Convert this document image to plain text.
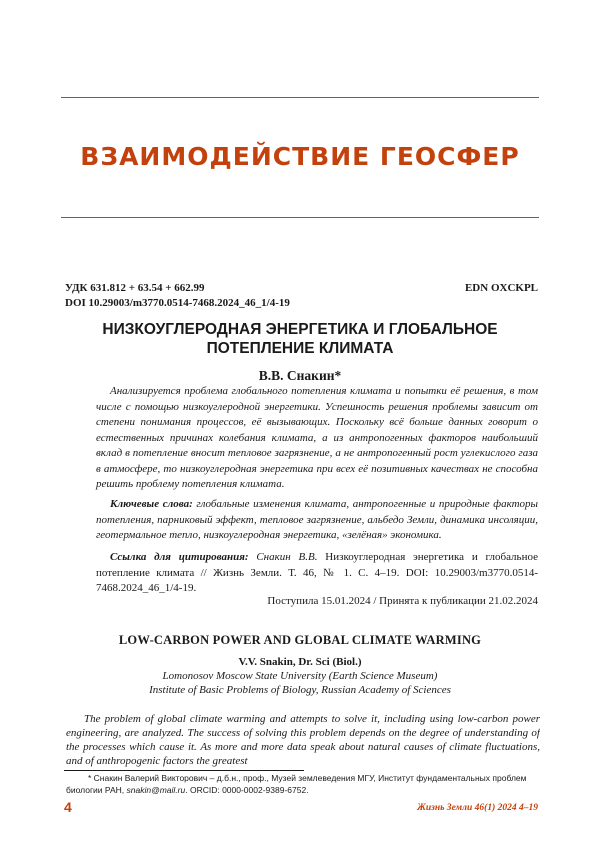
ВЗАИМОДЕЙСТВИЕ ГЕОСФЕР
УДК 631.812 + 63.54 + 662.99
DOI 10.29003/m3770.0514-7468.2024_46_1/4-19
EDN OXCKPL
НИЗКОУГЛЕРОДНАЯ ЭНЕРГЕТИКА И ГЛОБАЛЬНОЕ
ПОТЕПЛЕНИЕ КЛИМАТА
В.В. Снакин*

Анализируется проблема глобального потепления климата и попытки её решения, в том числе с помощью низкоуглеродной энергетики. Успешность решения проблемы зависит от степени понимания процессов, её вызывающих. Поскольку всё больше данных говорит о естественных причинах колебания климата, а из антропогенных факторов наибольший вклад в потепление вносит тепловое загрязнение, а не антропогенный рост углекислого газа в атмосфере, то низкоуглеродная энергетика при всех её позитивных качествах не способна решить проблему потепления климата.

Ключевые слова: глобальные изменения климата, антропогенные и природные факторы потепления, парниковый эффект, тепловое загрязнение, альбедо Земли, динамика инсоляции, геотермальное тепло, низкоуглеродная энергетика, «зелёная» экономика.

Ссылка для цитирования: Снакин В.В. Низкоуглеродная энергетика и глобальное потепление климата // Жизнь Земли. Т. 46, № 1. С. 4–19. DOI: 10.29003/m3770.0514-7468.2024_46_1/4-19.

Поступила 15.01.2024 / Принята к публикации 21.02.2024
LOW-CARBON POWER AND GLOBAL CLIMATE WARMING
V.V. Snakin, Dr. Sci (Biol.)
Lomonosov Moscow State University (Earth Science Museum)
Institute of Basic Problems of Biology, Russian Academy of Sciences
The problem of global climate warming and attempts to solve it, including using low-carbon power engineering, are analyzed. The success of solving this problem depends on the degree of understanding of the processes which cause it. As more and more data speak about natural causes of climate fluctuations, and of anthropogenic factors the greatest
* Снакин Валерий Викторович – д.б.н., проф., Музей землеведения МГУ, Институт фундаментальных проблем биологии РАН, snakin@mail.ru. ORCID: 0000-0002-9389-6752.
4	Жизнь Земли 46(1) 2024 4–19
